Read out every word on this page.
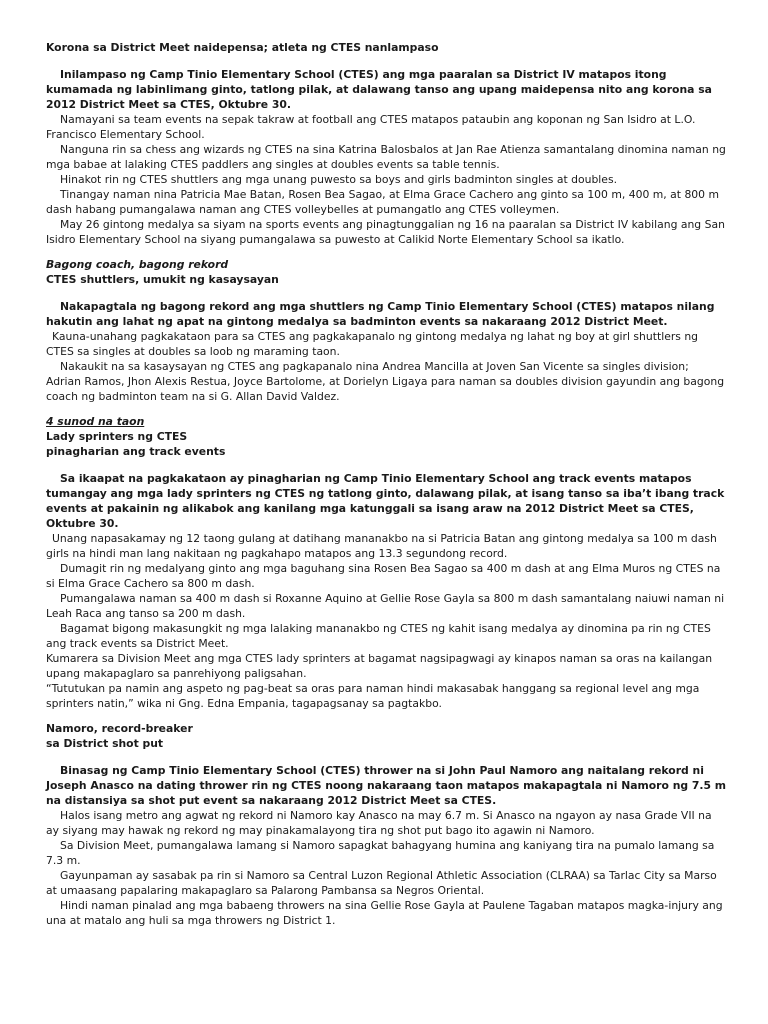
Korona sa District Meet naidepensa; atleta ng CTES nanlampaso

Inilampaso ng Camp Tinio Elementary School (CTES) ang mga paaralan sa District IV matapos itong kumamada ng labinlimang ginto, tatlong pilak, at dalawang tanso ang upang maidepensa nito ang korona sa 2012 District Meet sa CTES, Oktubre 30.

Namayani sa team events na sepak takraw at football ang CTES matapos pataubin ang koponan ng San Isidro at L.O. Francisco Elementary School.

Nanguna rin sa chess ang wizards ng CTES na sina Katrina Balosbalos at Jan Rae Atienza samantalang dinomina naman ng mga babae at lalaking CTES paddlers ang singles at doubles events sa table tennis.

Hinakot rin ng CTES shuttlers ang mga unang puwesto sa boys and girls badminton singles at doubles.

Tinangay naman nina Patricia Mae Batan, Rosen Bea Sagao, at Elma Grace Cachero ang ginto sa 100 m, 400 m, at 800 m dash habang pumangalawa naman ang CTES volleybelles at pumangatlo ang CTES volleymen.

May 26 gintong medalya sa siyam na sports events ang pinagtunggalian ng 16 na paaralan sa District IV kabilang ang San Isidro Elementary School na siyang pumangalawa sa puwesto at Calikid Norte Elementary School sa ikatlo.

Bagong coach, bagong rekord

CTES shuttlers, umukit ng kasaysayan

Nakapagtala ng bagong rekord ang mga shuttlers ng Camp Tinio Elementary School (CTES) matapos nilang hakutin ang lahat ng apat na gintong medalya sa badminton events sa nakaraang 2012 District Meet.

Kauna-unahang pagkakataon para sa CTES ang pagkakapanalo ng gintong medalya ng lahat ng boy at girl shuttlers ng CTES sa singles at doubles sa loob ng maraming taon.

Nakaukit na sa kasaysayan ng CTES ang pagkapanalo nina Andrea Mancilla at Joven San Vicente sa singles division; Adrian Ramos, Jhon Alexis Restua, Joyce Bartolome, at Dorielyn Ligaya para naman sa doubles division gayundin ang bagong coach ng badminton team na si G. Allan David Valdez.

4 sunod na taon

Lady sprinters ng CTES

pinagharian ang track events

Sa ikaapat na pagkakataon ay pinagharian ng Camp Tinio Elementary School ang track events matapos tumangay ang mga lady sprinters ng CTES ng tatlong ginto, dalawang pilak, at isang tanso sa iba’t ibang track events at pakainin ng alikabok ang kanilang mga katunggali sa isang araw na 2012 District Meet sa CTES, Oktubre 30.

Unang napasakamay ng 12 taong gulang at datihang mananakbo na si Patricia Batan ang gintong medalya sa 100 m dash girls na hindi man lang nakitaan ng pagkahapo matapos ang 13.3 segundong record.

Dumagit rin ng medalyang ginto ang mga baguhang sina Rosen Bea Sagao sa 400 m dash at ang Elma Muros ng CTES na si Elma Grace Cachero sa 800 m dash.

Pumangalawa naman sa 400 m dash si Roxanne Aquino at Gellie Rose Gayla sa 800 m dash samantalang naiuwi naman ni Leah Raca ang tanso sa 200 m dash.

Bagamat bigong makasungkit ng mga lalaking mananakbo ng CTES ng kahit isang medalya ay dinomina pa rin ng CTES ang track events sa District Meet.

Kumarera sa Division Meet ang mga CTES lady sprinters at bagamat nagsipagwagi ay kinapos naman sa oras na kailangan upang makapaglaro sa panrehiyong paligsahan.

“Tututukan pa namin ang aspeto ng pag-beat sa oras para naman hindi makasabak hanggang sa regional level ang mga sprinters natin,” wika ni Gng. Edna Empania, tagapagsanay sa pagtakbo.

Namoro, record-breaker

sa District shot put

Binasag ng Camp Tinio Elementary School (CTES) thrower na si John Paul Namoro ang naitalang rekord ni Joseph Anasco na dating thrower rin ng CTES noong nakaraang taon matapos makapagtala ni Namoro ng 7.5 m na distansiya sa shot put event sa nakaraang 2012 District Meet sa CTES.

Halos isang metro ang agwat ng rekord ni Namoro kay Anasco na may 6.7 m. Si Anasco na ngayon ay nasa Grade VII na ay siyang may hawak ng rekord ng may pinakamalayong tira ng shot put bago ito agawin ni Namoro.

Sa Division Meet, pumangalawa lamang si Namoro sapagkat bahagyang humina ang kaniyang tira na pumalo lamang sa 7.3 m.

Gayunpaman ay sasabak pa rin si Namoro sa Central Luzon Regional Athletic Association (CLRAA) sa Tarlac City sa Marso at umaasang papalaring makapaglaro sa Palarong Pambansa sa Negros Oriental.

Hindi naman pinalad ang mga babaeng throwers na sina Gellie Rose Gayla at Paulene Tagaban matapos magka-injury ang una at matalo ang huli sa mga throwers ng District 1.
